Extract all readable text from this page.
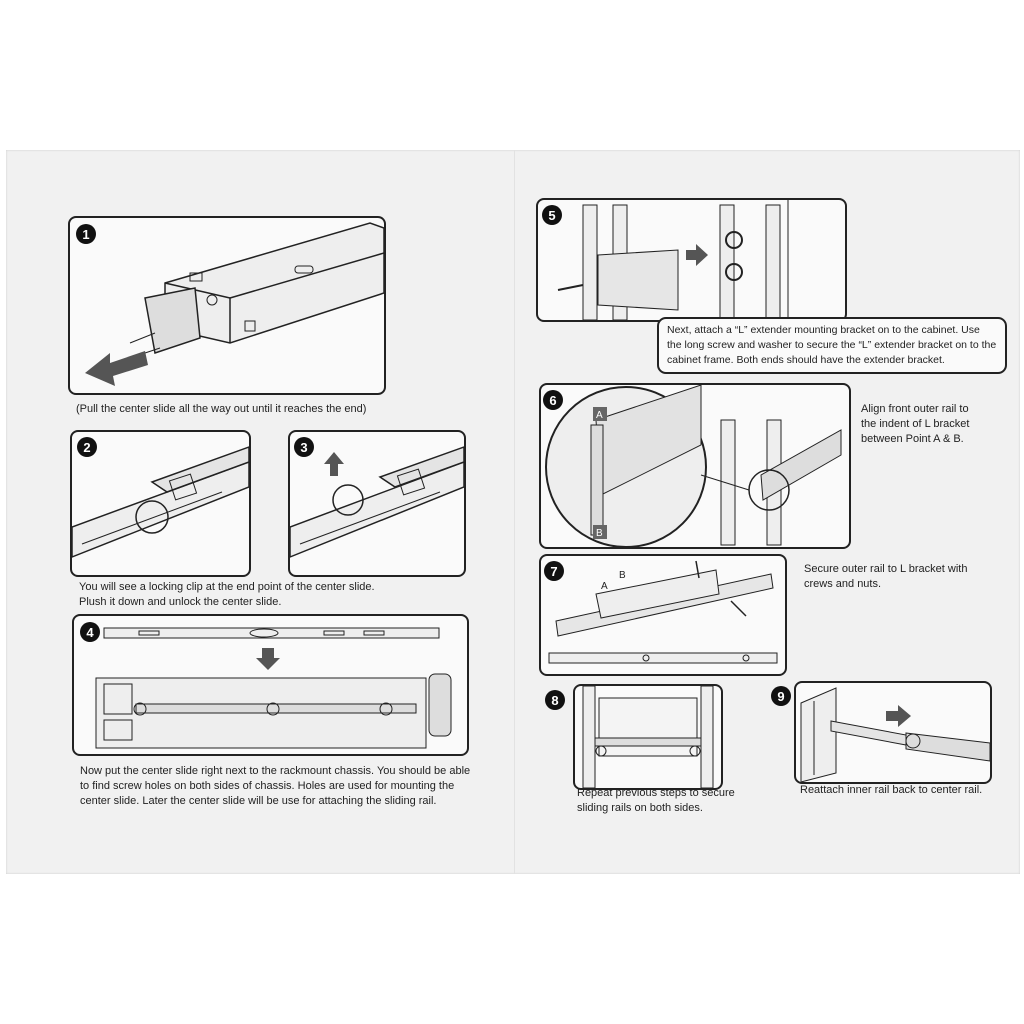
1
(Pull the center slide all the way out until it reaches the end)
2	3
You will see a locking clip at the end point of the center slide. Plush it down and unlock the center slide.
4
Now put the center slide right next to the rackmount chassis. You should be able to find screw holes on both sides of chassis. Holes are used for mounting the center slide. Later the center slide will be use for attaching the sliding rail.
5
Next, attach a “L” extender mounting bracket on to the cabinet. Use the long screw and washer to secure the “L” extender bracket on to the cabinet frame. Both ends should have the extender bracket.
A
B
6
Align front outer rail to the indent of L bracket between Point A & B.
A
B
7	Secure outer rail to L bracket with crews and nuts.
8
Repeat previous steps to secure sliding rails on both sides.
9
Reattach inner rail back to center rail.
